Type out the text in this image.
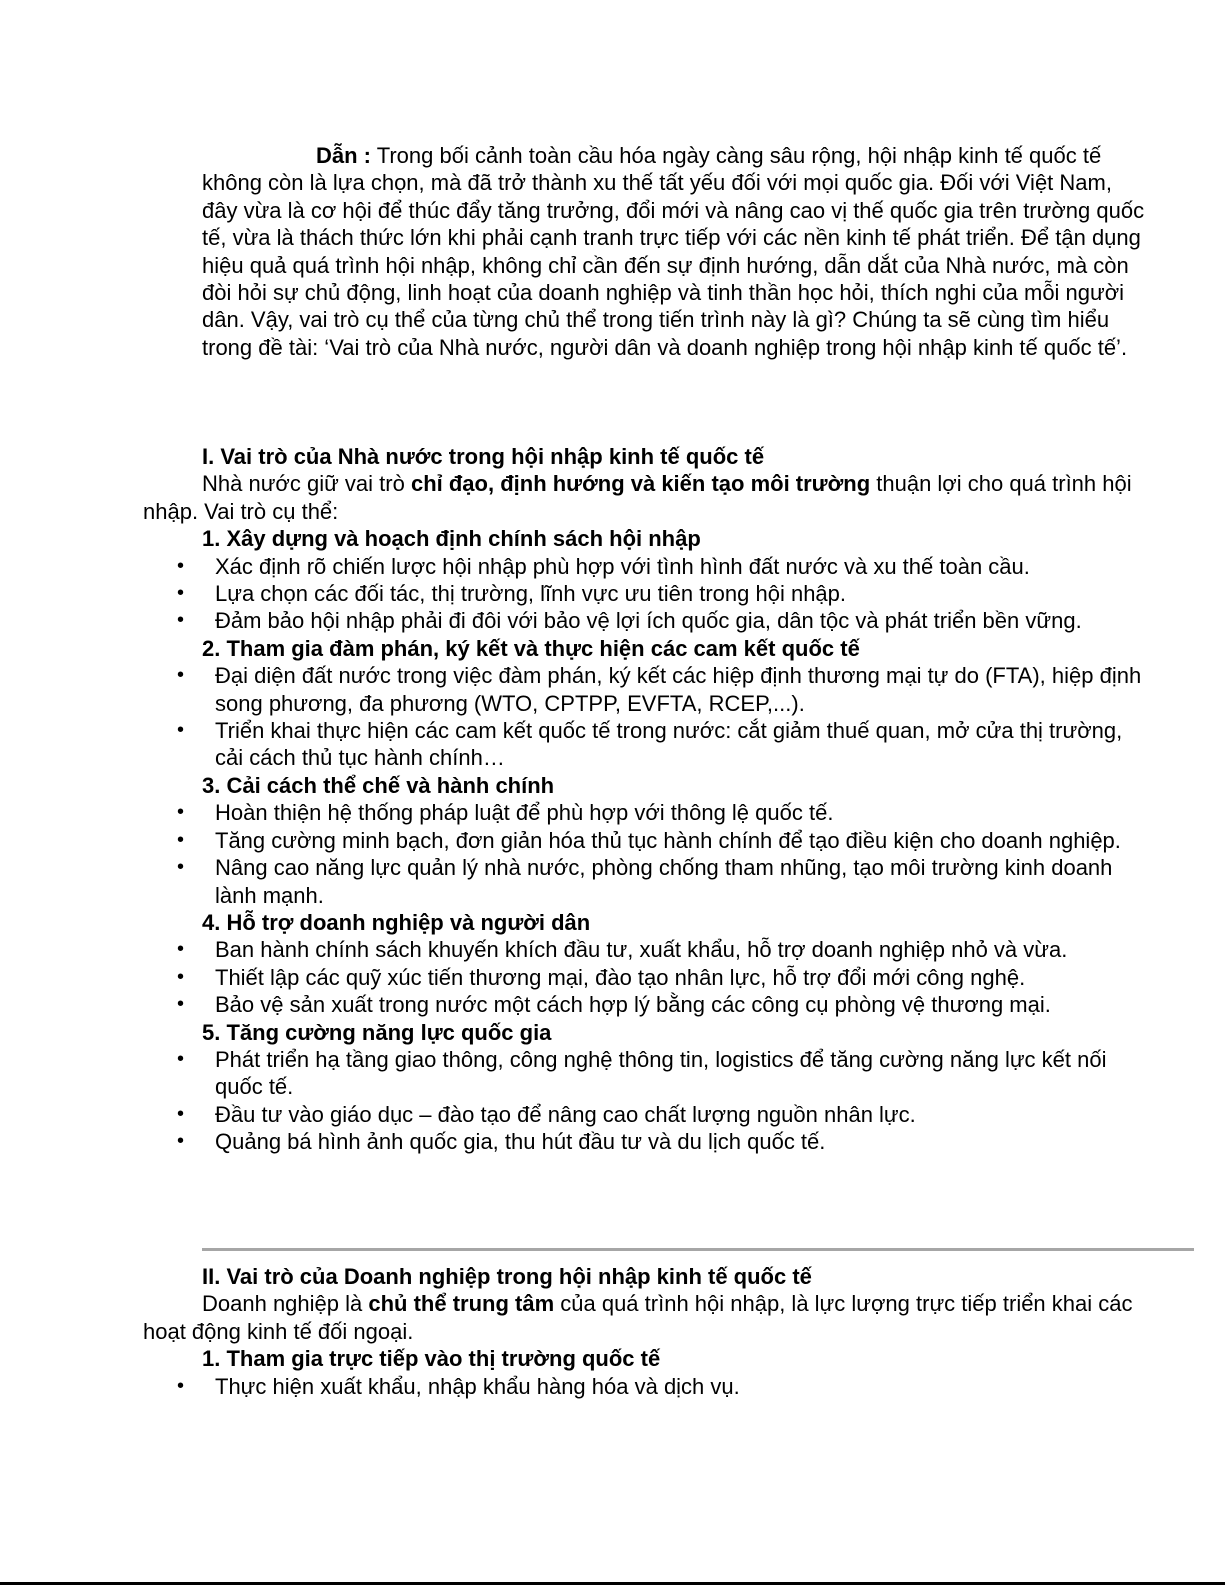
Dẫn : Trong bối cảnh toàn cầu hóa ngày càng sâu rộng, hội nhập kinh tế quốc tế không còn là lựa chọn, mà đã trở thành xu thế tất yếu đối với mọi quốc gia. Đối với Việt Nam, đây vừa là cơ hội để thúc đẩy tăng trưởng, đổi mới và nâng cao vị thế quốc gia trên trường quốc tế, vừa là thách thức lớn khi phải cạnh tranh trực tiếp với các nền kinh tế phát triển. Để tận dụng hiệu quả quá trình hội nhập, không chỉ cần đến sự định hướng, dẫn dắt của Nhà nước, mà còn đòi hỏi sự chủ động, linh hoạt của doanh nghiệp và tinh thần học hỏi, thích nghi của mỗi người dân. Vậy, vai trò cụ thể của từng chủ thể trong tiến trình này là gì? Chúng ta sẽ cùng tìm hiểu trong đề tài: ‘Vai trò của Nhà nước, người dân và doanh nghiệp trong hội nhập kinh tế quốc tế’.

I. Vai trò của Nhà nước trong hội nhập kinh tế quốc tế

Nhà nước giữ vai trò chỉ đạo, định hướng và kiến tạo môi trường thuận lợi cho quá trình hội nhập. Vai trò cụ thể:

1. Xây dựng và hoạch định chính sách hội nhập

• Xác định rõ chiến lược hội nhập phù hợp với tình hình đất nước và xu thế toàn cầu.
• Lựa chọn các đối tác, thị trường, lĩnh vực ưu tiên trong hội nhập.
• Đảm bảo hội nhập phải đi đôi với bảo vệ lợi ích quốc gia, dân tộc và phát triển bền vững.

2. Tham gia đàm phán, ký kết và thực hiện các cam kết quốc tế

• Đại diện đất nước trong việc đàm phán, ký kết các hiệp định thương mại tự do (FTA), hiệp định song phương, đa phương (WTO, CPTPP, EVFTA, RCEP,...).
• Triển khai thực hiện các cam kết quốc tế trong nước: cắt giảm thuế quan, mở cửa thị trường, cải cách thủ tục hành chính…

3. Cải cách thể chế và hành chính

• Hoàn thiện hệ thống pháp luật để phù hợp với thông lệ quốc tế.
• Tăng cường minh bạch, đơn giản hóa thủ tục hành chính để tạo điều kiện cho doanh nghiệp.
• Nâng cao năng lực quản lý nhà nước, phòng chống tham nhũng, tạo môi trường kinh doanh lành mạnh.

4. Hỗ trợ doanh nghiệp và người dân

• Ban hành chính sách khuyến khích đầu tư, xuất khẩu, hỗ trợ doanh nghiệp nhỏ và vừa.
• Thiết lập các quỹ xúc tiến thương mại, đào tạo nhân lực, hỗ trợ đổi mới công nghệ.
• Bảo vệ sản xuất trong nước một cách hợp lý bằng các công cụ phòng vệ thương mại.

5. Tăng cường năng lực quốc gia

• Phát triển hạ tầng giao thông, công nghệ thông tin, logistics để tăng cường năng lực kết nối quốc tế.
• Đầu tư vào giáo dục – đào tạo để nâng cao chất lượng nguồn nhân lực.
• Quảng bá hình ảnh quốc gia, thu hút đầu tư và du lịch quốc tế.

II. Vai trò của Doanh nghiệp trong hội nhập kinh tế quốc tế

Doanh nghiệp là chủ thể trung tâm của quá trình hội nhập, là lực lượng trực tiếp triển khai các hoạt động kinh tế đối ngoại.

1. Tham gia trực tiếp vào thị trường quốc tế

• Thực hiện xuất khẩu, nhập khẩu hàng hóa và dịch vụ.
